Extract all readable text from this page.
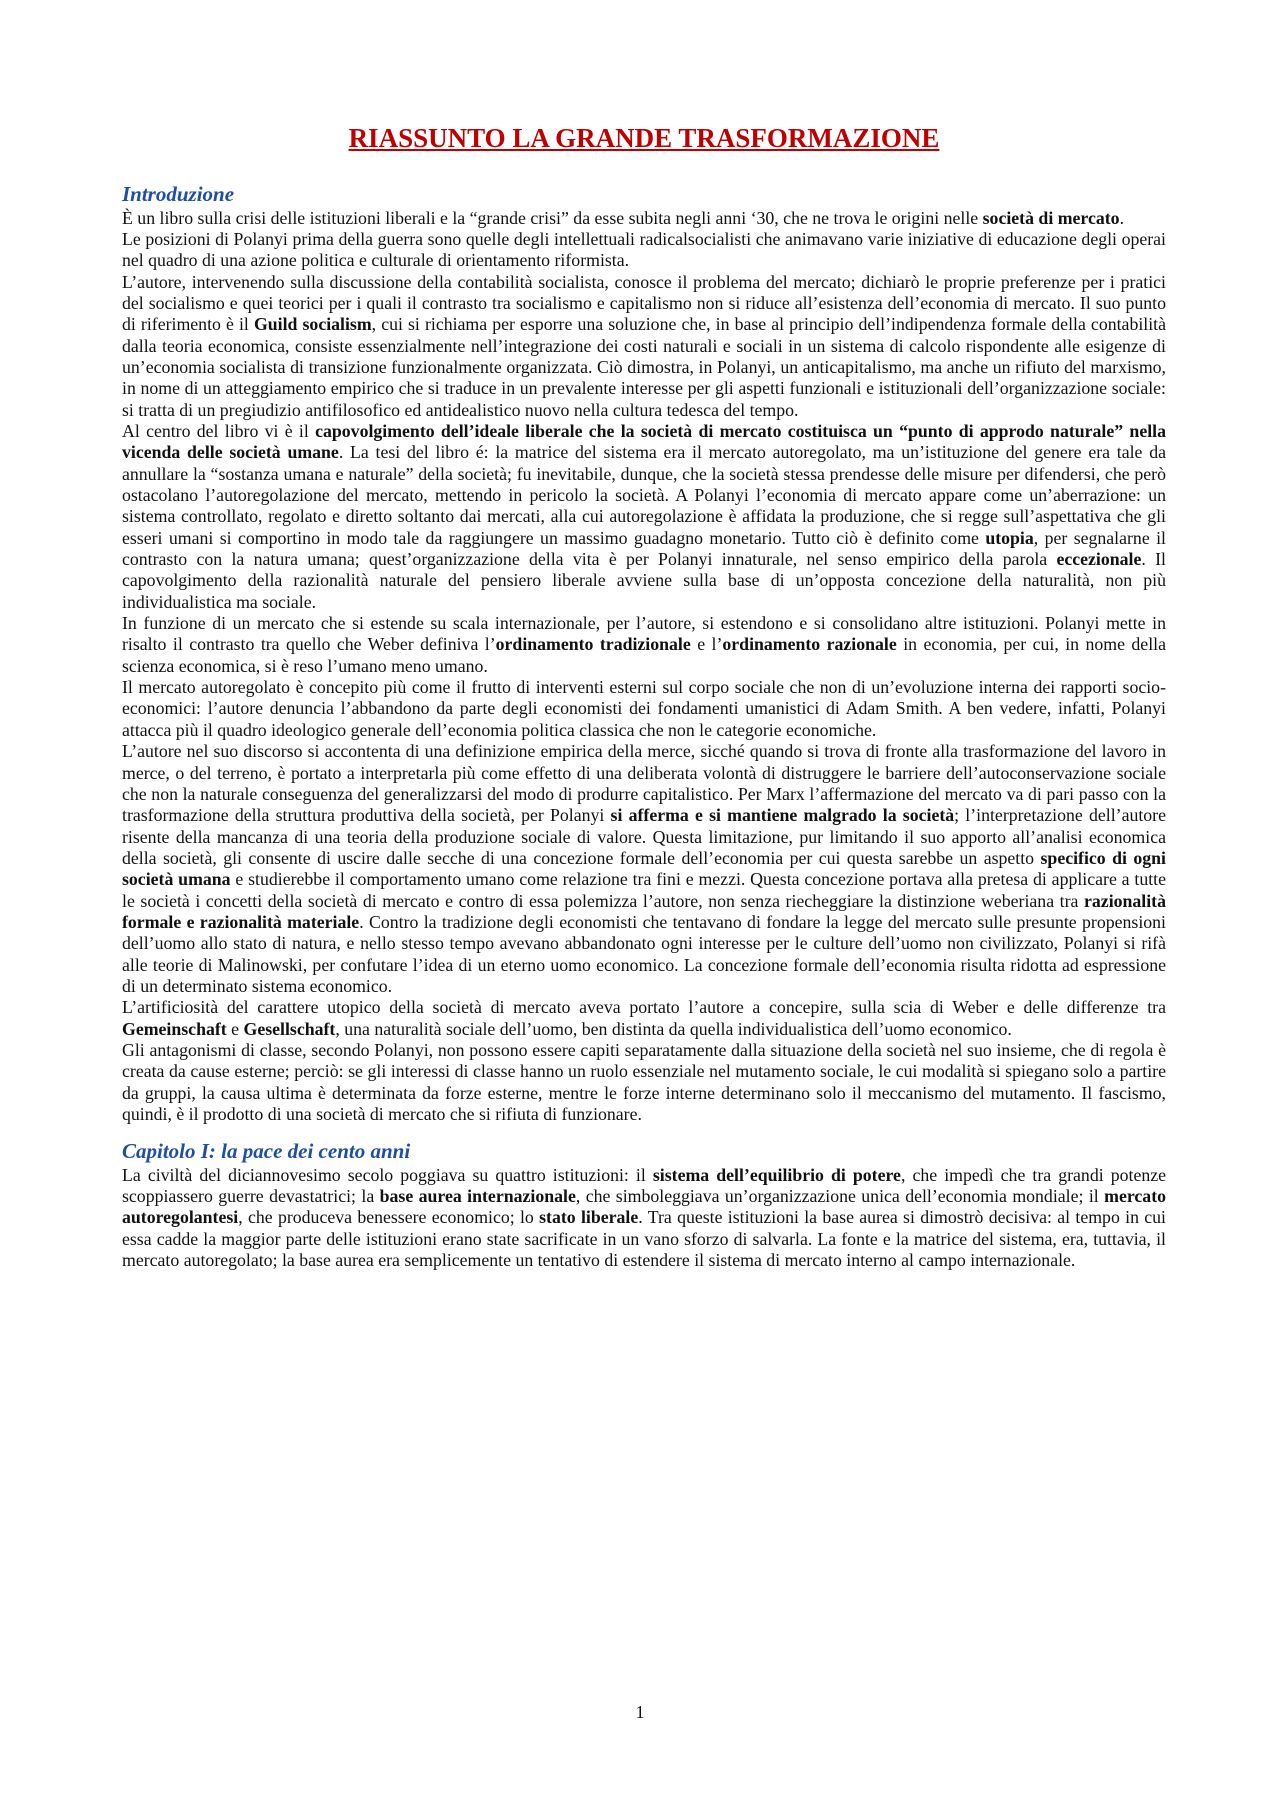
RIASSUNTO LA GRANDE TRASFORMAZIONE
Introduzione

È un libro sulla crisi delle istituzioni liberali e la “grande crisi” da esse subita negli anni ‘30, che ne trova le origini nelle società di mercato.

Le posizioni di Polanyi prima della guerra sono quelle degli intellettuali radicalsocialisti che animavano varie iniziative di educazione degli operai nel quadro di una azione politica e culturale di orientamento riformista.

L’autore, intervenendo sulla discussione della contabilità socialista, conosce il problema del mercato; dichiarò le proprie preferenze per i pratici del socialismo e quei teorici per i quali il contrasto tra socialismo e capitalismo non si riduce all’esistenza dell’economia di mercato. Il suo punto di riferimento è il Guild socialism, cui si richiama per esporre una soluzione che, in base al principio dell’indipendenza formale della contabilità dalla teoria economica, consiste essenzialmente nell’integrazione dei costi naturali e sociali in un sistema di calcolo rispondente alle esigenze di un’economia socialista di transizione funzionalmente organizzata. Ciò dimostra, in Polanyi, un anticapitalismo, ma anche un rifiuto del marxismo, in nome di un atteggiamento empirico che si traduce in un prevalente interesse per gli aspetti funzionali e istituzionali dell’organizzazione sociale: si tratta di un pregiudizio antifilosofico ed antidealistico nuovo nella cultura tedesca del tempo.

Al centro del libro vi è il capovolgimento dell’ideale liberale che la società di mercato costituisca un “punto di approdo naturale” nella vicenda delle società umane. La tesi del libro é: la matrice del sistema era il mercato autoregolato, ma un’istituzione del genere era tale da annullare la “sostanza umana e naturale” della società; fu inevitabile, dunque, che la società stessa prendesse delle misure per difendersi, che però ostacolano l’autoregolazione del mercato, mettendo in pericolo la società. A Polanyi l’economia di mercato appare come un’aberrazione: un sistema controllato, regolato e diretto soltanto dai mercati, alla cui autoregolazione è affidata la produzione, che si regge sull’aspettativa che gli esseri umani si comportino in modo tale da raggiungere un massimo guadagno monetario. Tutto ciò è definito come utopia, per segnalarne il contrasto con la natura umana; quest’organizzazione della vita è per Polanyi innaturale, nel senso empirico della parola eccezionale. Il capovolgimento della razionalità naturale del pensiero liberale avviene sulla base di un’opposta concezione della naturalità, non più individualistica ma sociale.

In funzione di un mercato che si estende su scala internazionale, per l’autore, si estendono e si consolidano altre istituzioni. Polanyi mette in risalto il contrasto tra quello che Weber definiva l’ordinamento tradizionale e l’ordinamento razionale in economia, per cui, in nome della scienza economica, si è reso l’umano meno umano.

Il mercato autoregolato è concepito più come il frutto di interventi esterni sul corpo sociale che non di un’evoluzione interna dei rapporti socio-economici: l’autore denuncia l’abbandono da parte degli economisti dei fondamenti umanistici di Adam Smith. A ben vedere, infatti, Polanyi attacca più il quadro ideologico generale dell’economia politica classica che non le categorie economiche.

L’autore nel suo discorso si accontenta di una definizione empirica della merce, sicché quando si trova di fronte alla trasformazione del lavoro in merce, o del terreno, è portato a interpretarla più come effetto di una deliberata volontà di distruggere le barriere dell’autoconservazione sociale che non la naturale conseguenza del generalizzarsi del modo di produrre capitalistico. Per Marx l’affermazione del mercato va di pari passo con la trasformazione della struttura produttiva della società, per Polanyi si afferma e si mantiene malgrado la società; l’interpretazione dell’autore risente della mancanza di una teoria della produzione sociale di valore. Questa limitazione, pur limitando il suo apporto all’analisi economica della società, gli consente di uscire dalle secche di una concezione formale dell’economia per cui questa sarebbe un aspetto specifico di ogni società umana e studierebbe il comportamento umano come relazione tra fini e mezzi. Questa concezione portava alla pretesa di applicare a tutte le società i concetti della società di mercato e contro di essa polemizza l’autore, non senza riecheggiare la distinzione weberiana tra razionalità formale e razionalità materiale. Contro la tradizione degli economisti che tentavano di fondare la legge del mercato sulle presunte propensioni dell’uomo allo stato di natura, e nello stesso tempo avevano abbandonato ogni interesse per le culture dell’uomo non civilizzato, Polanyi si rifà alle teorie di Malinowski, per confutare l’idea di un eterno uomo economico. La concezione formale dell’economia risulta ridotta ad espressione di un determinato sistema economico.

L’artificiosità del carattere utopico della società di mercato aveva portato l’autore a concepire, sulla scia di Weber e delle differenze tra Gemeinschaft e Gesellschaft, una naturalità sociale dell’uomo, ben distinta da quella individualistica dell’uomo economico.

Gli antagonismi di classe, secondo Polanyi, non possono essere capiti separatamente dalla situazione della società nel suo insieme, che di regola è creata da cause esterne; perciò: se gli interessi di classe hanno un ruolo essenziale nel mutamento sociale, le cui modalità si spiegano solo a partire da gruppi, la causa ultima è determinata da forze esterne, mentre le forze interne determinano solo il meccanismo del mutamento. Il fascismo, quindi, è il prodotto di una società di mercato che si rifiuta di funzionare.

Capitolo I: la pace dei cento anni

La civiltà del diciannovesimo secolo poggiava su quattro istituzioni: il sistema dell’equilibrio di potere, che impedì che tra grandi potenze scoppiassero guerre devastatrici; la base aurea internazionale, che simboleggiava un’organizzazione unica dell’economia mondiale; il mercato autoregolantesi, che produceva benessere economico; lo stato liberale. Tra queste istituzioni la base aurea si dimostrò decisiva: al tempo in cui essa cadde la maggior parte delle istituzioni erano state sacrificate in un vano sforzo di salvarla. La fonte e la matrice del sistema, era, tuttavia, il mercato autoregolato; la base aurea era semplicemente un tentativo di estendere il sistema di mercato interno al campo internazionale.

1
